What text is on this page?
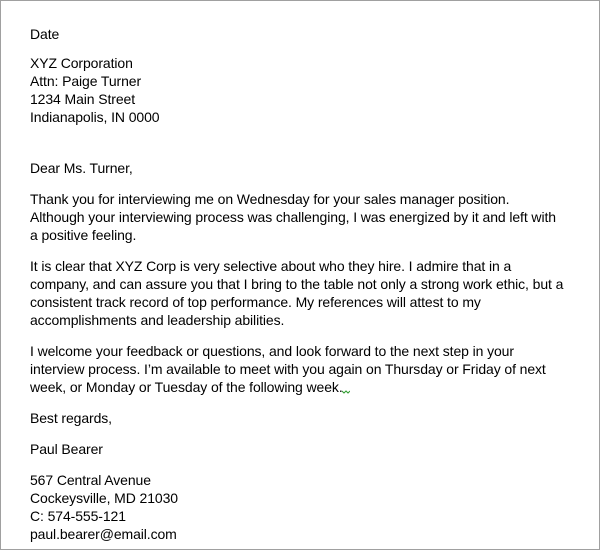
Date
XYZ Corporation
Attn: Paige Turner
1234 Main Street
Indianapolis, IN 0000
Dear Ms. Turner,
Thank you for interviewing me on Wednesday for your sales manager position.
Although your interviewing process was challenging, I was energized by it and left with
a positive feeling.
It is clear that XYZ Corp is very selective about who they hire. I admire that in a
company, and can assure you that I bring to the table not only a strong work ethic, but a
consistent track record of top performance. My references will attest to my
accomplishments and leadership abilities.
I welcome your feedback or questions, and look forward to the next step in your
interview process. I’m available to meet with you again on Thursday or Friday of next
week, or Monday or Tuesday of the following week.
Best regards,
Paul Bearer
567 Central Avenue
Cockeysville, MD 21030
C: 574-555-121
paul.bearer@email.com
